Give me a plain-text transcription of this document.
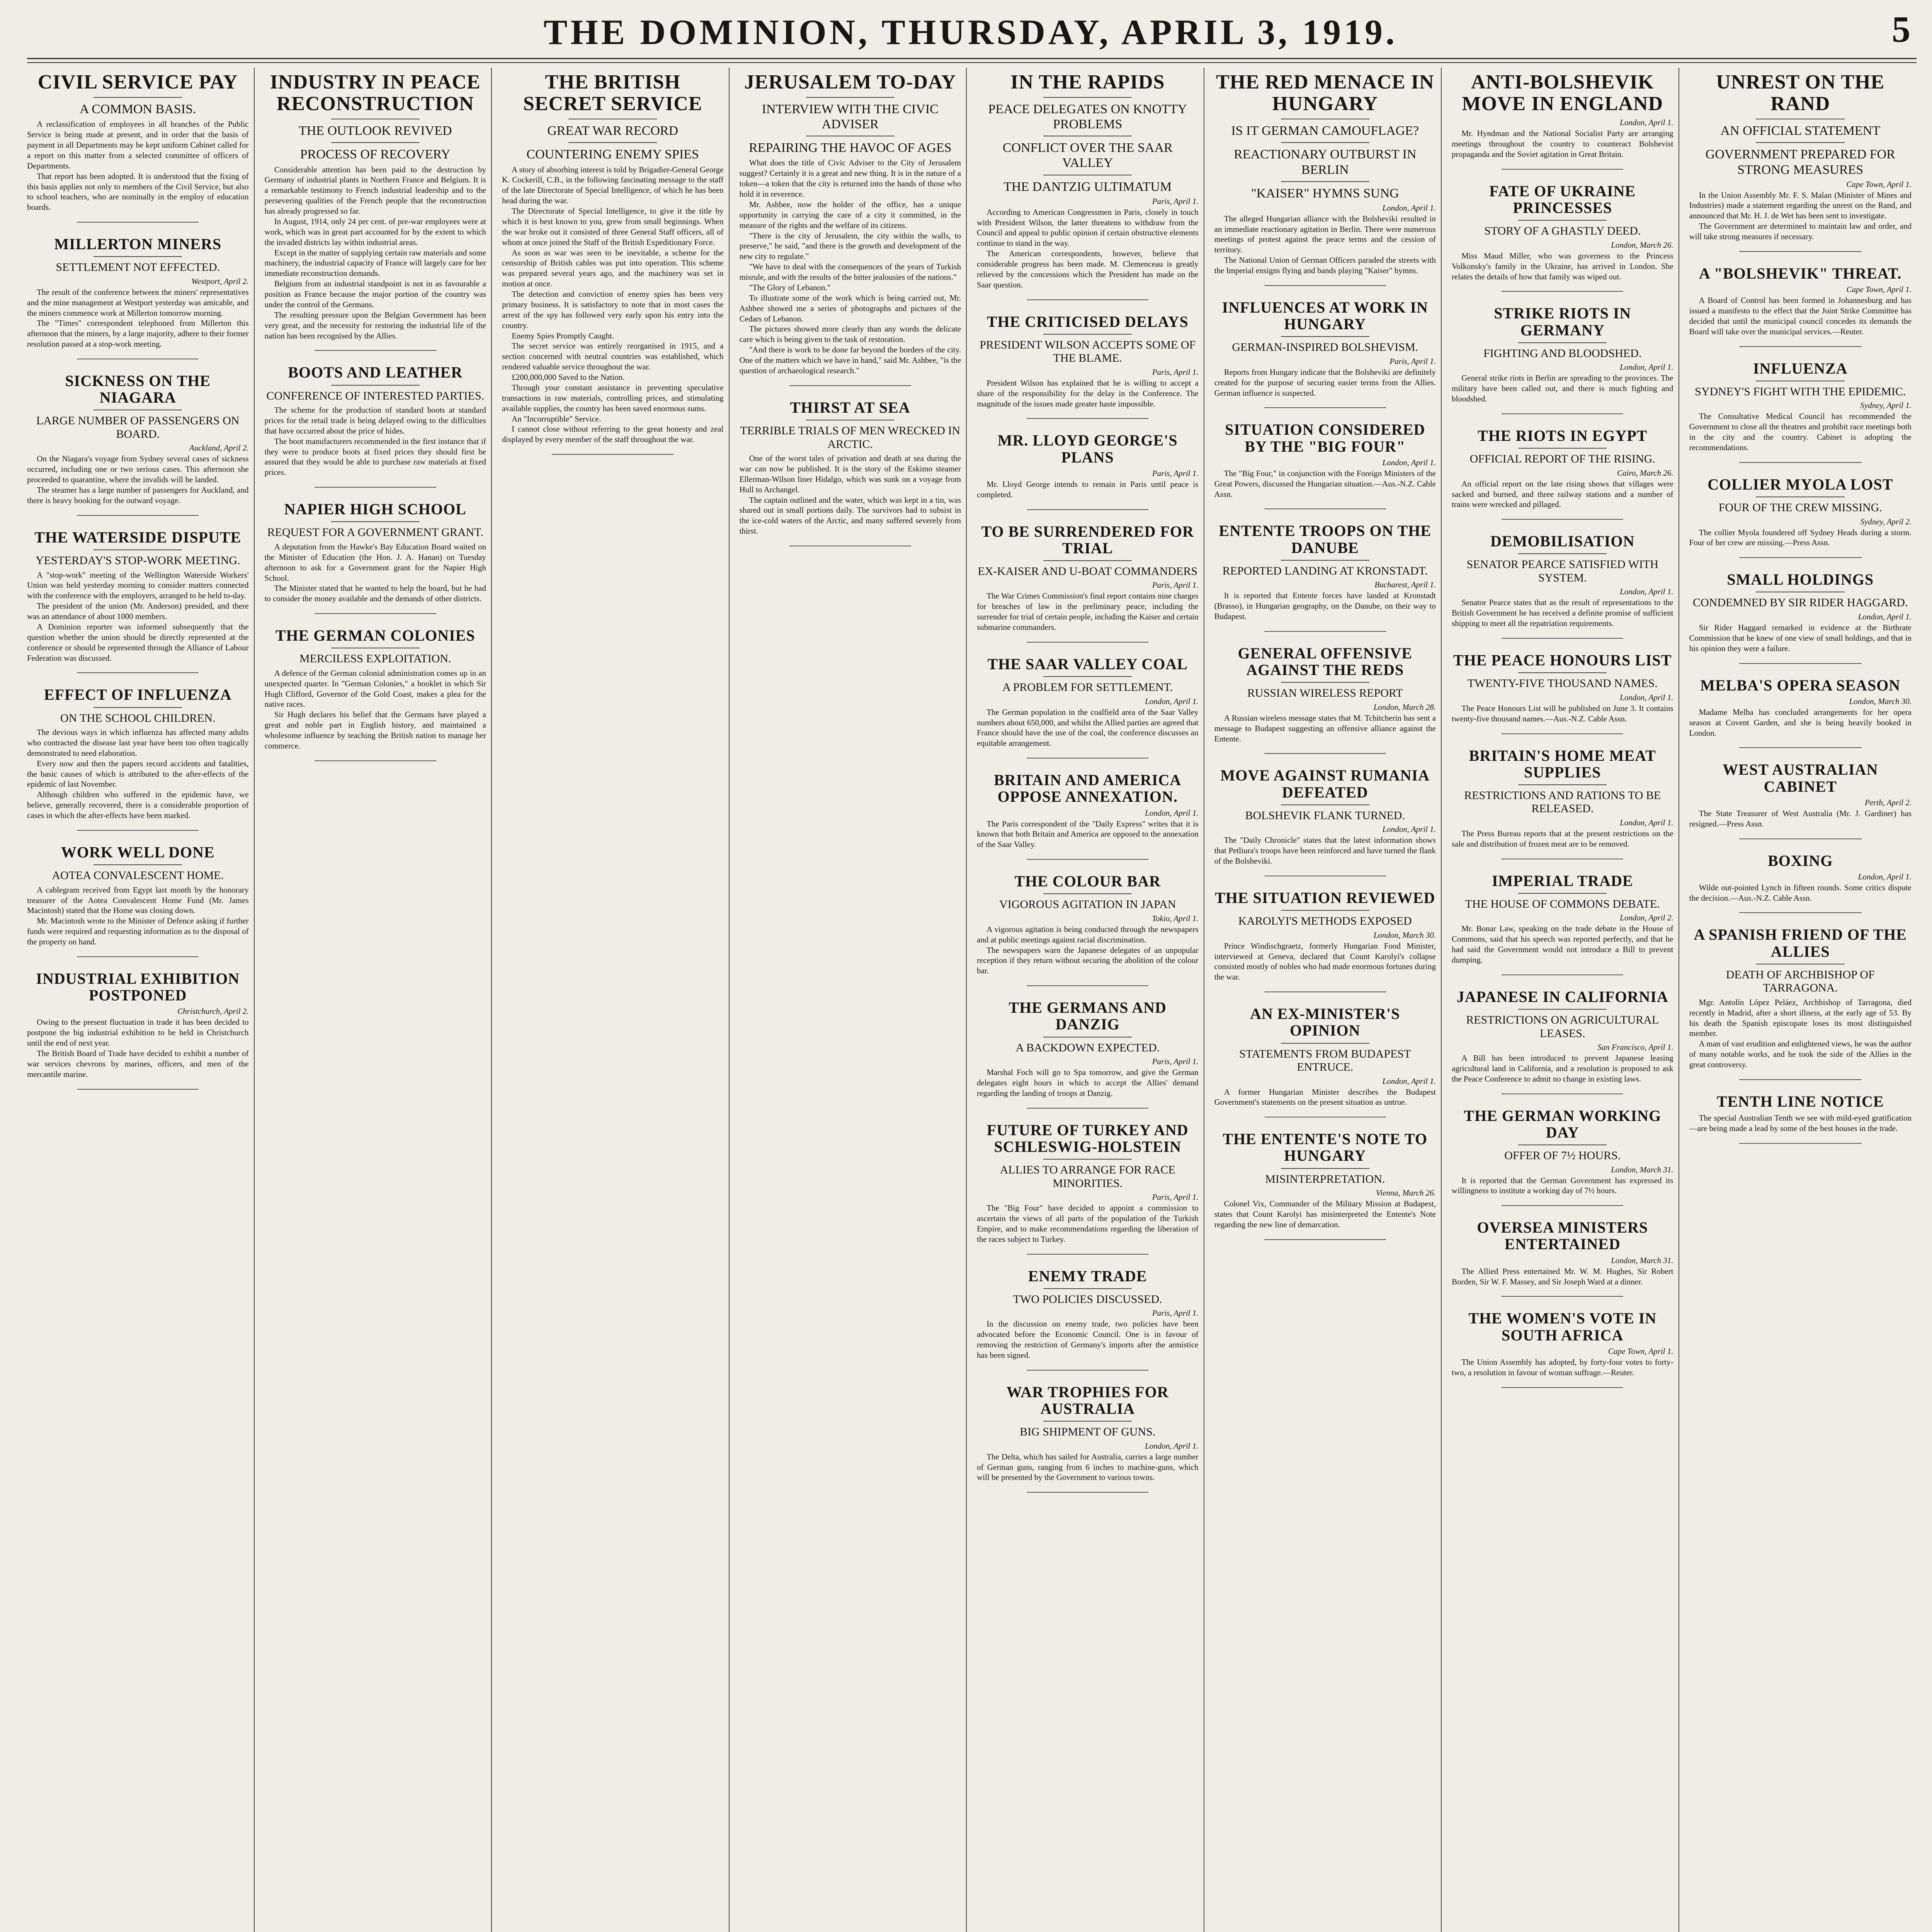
THE DOMINION, THURSDAY, APRIL 3, 1919.	5
CIVIL SERVICE PAY
A COMMON BASIS.

A reclassification of employees in all branches of the Public Service is being made at present, and in order that the basis of payment in all Departments may be kept uniform Cabinet called for a report on this matter from a selected committee of officers of Departments.

That report has been adopted. It is understood that the fixing of this basis applies not only to members of the Civil Service, but also to school teachers, who are nominally in the employ of education boards.

MILLERTON MINERS
SETTLEMENT NOT EFFECTED.

Westport, April 2.

The result of the conference between the miners' representatives and the mine management at Westport yesterday was amicable, and the miners commence work at Millerton tomorrow morning.

The "Times" correspondent telephoned from Millerton this afternoon that the miners, by a large majority, adhere to their former resolution passed at a stop-work meeting.

SICKNESS ON THE NIAGARA
LARGE NUMBER OF PASSENGERS ON BOARD.

Auckland, April 2.

On the Niagara's voyage from Sydney several cases of sickness occurred, including one or two serious cases. This afternoon she proceeded to quarantine, where the invalids will be landed.

The steamer has a large number of passengers for Auckland, and there is heavy booking for the outward voyage.

THE WATERSIDE DISPUTE
YESTERDAY'S STOP-WORK MEETING.

A "stop-work" meeting of the Wellington Waterside Workers' Union was held yesterday morning to consider matters connected with the conference with the employers, arranged to be held to-day.

The president of the union (Mr. Anderson) presided, and there was an attendance of about 1000 members.

A Dominion reporter was informed subsequently that the question whether the union should be directly represented at the conference or should be represented through the Alliance of Labour Federation was discussed.

EFFECT OF INFLUENZA
ON THE SCHOOL CHILDREN.

The devious ways in which influenza has affected many adults who contracted the disease last year have been too often tragically demonstrated to need elaboration.

Every now and then the papers record accidents and fatalities, the basic causes of which is attributed to the after-effects of the epidemic of last November.

Although children who suffered in the epidemic have, we believe, generally recovered, there is a considerable proportion of cases in which the after-effects have been marked.

WORK WELL DONE
AOTEA CONVALESCENT HOME.

A cablegram received from Egypt last month by the honorary treasurer of the Aotea Convalescent Home Fund (Mr. James Macintosh) stated that the Home was closing down.

Mr. Macintosh wrote to the Minister of Defence asking if further funds were required and requesting information as to the disposal of the property on hand.

INDUSTRIAL EXHIBITION POSTPONED

Christchurch, April 2.

Owing to the present fluctuation in trade it has been decided to postpone the big industrial exhibition to be held in Christchurch until the end of next year.

The British Board of Trade have decided to exhibit a number of war services chevrons by marines, officers, and men of the mercantile marine.

INDUSTRY IN PEACE RECONSTRUCTION
THE OUTLOOK REVIVED
PROCESS OF RECOVERY

Considerable attention has been paid to the destruction by Germany of industrial plants in Northern France and Belgium. It is a remarkable testimony to French industrial leadership and to the persevering qualities of the French people that the reconstruction has already progressed so far.

In August, 1914, only 24 per cent. of pre-war employees were at work, which was in great part accounted for by the extent to which the invaded districts lay within industrial areas.

Except in the matter of supplying certain raw materials and some machinery, the industrial capacity of France will largely care for her immediate reconstruction demands.

Belgium from an industrial standpoint is not in as favourable a position as France because the major portion of the country was under the control of the Germans.

The resulting pressure upon the Belgian Government has been very great, and the necessity for restoring the industrial life of the nation has been recognised by the Allies.

BOOTS AND LEATHER
CONFERENCE OF INTERESTED PARTIES.

The scheme for the production of standard boots at standard prices for the retail trade is being delayed owing to the difficulties that have occurred about the price of hides.

The boot manufacturers recommended in the first instance that if they were to produce boots at fixed prices they should first be assured that they would be able to purchase raw materials at fixed prices.

NAPIER HIGH SCHOOL
REQUEST FOR A GOVERNMENT GRANT.

A deputation from the Hawke's Bay Education Board waited on the Minister of Education (the Hon. J. A. Hanan) on Tuesday afternoon to ask for a Government grant for the Napier High School.

The Minister stated that he wanted to help the board, but he had to consider the money available and the demands of other districts.

THE GERMAN COLONIES
MERCILESS EXPLOITATION.

A defence of the German colonial administration comes up in an unexpected quarter. In "German Colonies," a booklet in which Sir Hugh Clifford, Governor of the Gold Coast, makes a plea for the native races.

Sir Hugh declares his belief that the Germans have played a great and noble part in English history, and maintained a wholesome influence by teaching the British nation to manage her commerce.

THE BRITISH SECRET SERVICE
GREAT WAR RECORD
COUNTERING ENEMY SPIES

A story of absorbing interest is told by Brigadier-General George K. Cockerill, C.B., in the following fascinating message to the staff of the late Directorate of Special Intelligence, of which he has been head during the war.

The Directorate of Special Intelligence, to give it the title by which it is best known to you, grew from small beginnings. When the war broke out it consisted of three General Staff officers, all of whom at once joined the Staff of the British Expeditionary Force.

As soon as war was seen to be inevitable, a scheme for the censorship of British cables was put into operation. This scheme was prepared several years ago, and the machinery was set in motion at once.

The detection and conviction of enemy spies has been very primary business. It is satisfactory to note that in most cases the arrest of the spy has followed very early upon his entry into the country.

Enemy Spies Promptly Caught.

The secret service was entirely reorganised in 1915, and a section concerned with neutral countries was established, which rendered valuable service throughout the war.

£200,000,000 Saved to the Nation.

Through your constant assistance in preventing speculative transactions in raw materials, controlling prices, and stimulating available supplies, the country has been saved enormous sums.

An "Incorruptible" Service.

I cannot close without referring to the great honesty and zeal displayed by every member of the staff throughout the war.

JERUSALEM TO-DAY
INTERVIEW WITH THE CIVIC ADVISER
REPAIRING THE HAVOC OF AGES

What does the title of Civic Adviser to the City of Jerusalem suggest? Certainly it is a great and new thing. It is in the nature of a token—a token that the city is returned into the hands of those who hold it in reverence.

Mr. Ashbee, now the holder of the office, has a unique opportunity in carrying the care of a city it committed, in the measure of the rights and the welfare of its citizens.

"There is the city of Jerusalem, the city within the walls, to preserve," he said, "and there is the growth and development of the new city to regulate."

"We have to deal with the consequences of the years of Turkish misrule, and with the results of the bitter jealousies of the nations."

"The Glory of Lebanon."

To illustrate some of the work which is being carried out, Mr. Ashbee showed me a series of photographs and pictures of the Cedars of Lebanon.

The pictures showed more clearly than any words the delicate care which is being given to the task of restoration.

"And there is work to be done far beyond the borders of the city. One of the matters which we have in hand," said Mr. Ashbee, "is the question of archaeological research."

THIRST AT SEA
TERRIBLE TRIALS OF MEN WRECKED IN ARCTIC.

One of the worst tales of privation and death at sea during the war can now be published. It is the story of the Eskimo steamer Ellerman-Wilson liner Hidalgo, which was sunk on a voyage from Hull to Archangel.

The captain outlined and the water, which was kept in a tin, was shared out in small portions daily. The survivors had to subsist in the ice-cold waters of the Arctic, and many suffered severely from thirst.

IN THE RAPIDS
PEACE DELEGATES ON KNOTTY PROBLEMS
CONFLICT OVER THE SAAR VALLEY
THE DANTZIG ULTIMATUM

Paris, April 1.

According to American Congressmen in Paris, closely in touch with President Wilson, the latter threatens to withdraw from the Council and appeal to public opinion if certain obstructive elements continue to stand in the way.

The American correspondents, however, believe that considerable progress has been made. M. Clemenceau is greatly relieved by the concessions which the President has made on the Saar question.

THE CRITICISED DELAYS
PRESIDENT WILSON ACCEPTS SOME OF THE BLAME.

Paris, April 1.

President Wilson has explained that he is willing to accept a share of the responsibility for the delay in the Conference. The magnitude of the issues made greater haste impossible.

MR. LLOYD GEORGE'S PLANS

Paris, April 1.

Mr. Lloyd George intends to remain in Paris until peace is completed.

TO BE SURRENDERED FOR TRIAL
EX-KAISER AND U-BOAT COMMANDERS

Paris, April 1.

The War Crimes Commission's final report contains nine charges for breaches of law in the preliminary peace, including the surrender for trial of certain people, including the Kaiser and certain submarine commanders.

THE SAAR VALLEY COAL
A PROBLEM FOR SETTLEMENT.

London, April 1.

The German population in the coalfield area of the Saar Valley numbers about 650,000, and whilst the Allied parties are agreed that France should have the use of the coal, the conference discusses an equitable arrangement.

BRITAIN AND AMERICA OPPOSE ANNEXATION.

London, April 1.

The Paris correspondent of the "Daily Express" writes that it is known that both Britain and America are opposed to the annexation of the Saar Valley.

THE COLOUR BAR
VIGOROUS AGITATION IN JAPAN

Tokio, April 1.

A vigorous agitation is being conducted through the newspapers and at public meetings against racial discrimination.

The newspapers warn the Japanese delegates of an unpopular reception if they return without securing the abolition of the colour bar.

THE GERMANS AND DANZIG
A BACKDOWN EXPECTED.

Paris, April 1.

Marshal Foch will go to Spa tomorrow, and give the German delegates eight hours in which to accept the Allies' demand regarding the landing of troops at Danzig.

FUTURE OF TURKEY AND SCHLESWIG-HOLSTEIN
ALLIES TO ARRANGE FOR RACE MINORITIES.

Paris, April 1.

The "Big Four" have decided to appoint a commission to ascertain the views of all parts of the population of the Turkish Empire, and to make recommendations regarding the liberation of the races subject to Turkey.

ENEMY TRADE
TWO POLICIES DISCUSSED.

Paris, April 1.

In the discussion on enemy trade, two policies have been advocated before the Economic Council. One is in favour of removing the restriction of Germany's imports after the armistice has been signed.

WAR TROPHIES FOR AUSTRALIA
BIG SHIPMENT OF GUNS.

London, April 1.

The Delta, which has sailed for Australia, carries a large number of German guns, ranging from 6 inches to machine-guns, which will be presented by the Government to various towns.

THE RED MENACE IN HUNGARY
IS IT GERMAN CAMOUFLAGE?
REACTIONARY OUTBURST IN BERLIN
"KAISER" HYMNS SUNG

London, April 1.

The alleged Hungarian alliance with the Bolsheviki resulted in an immediate reactionary agitation in Berlin. There were numerous meetings of protest against the peace terms and the cession of territory.

The National Union of German Officers paraded the streets with the Imperial ensigns flying and bands playing "Kaiser" hymns.

INFLUENCES AT WORK IN HUNGARY
GERMAN-INSPIRED BOLSHEVISM.

Paris, April 1.

Reports from Hungary indicate that the Bolsheviki are definitely created for the purpose of securing easier terms from the Allies. German influence is suspected.

SITUATION CONSIDERED BY THE "BIG FOUR"

London, April 1.

The "Big Four," in conjunction with the Foreign Ministers of the Great Powers, discussed the Hungarian situation.—Aus.-N.Z. Cable Assn.

ENTENTE TROOPS ON THE DANUBE
REPORTED LANDING AT KRONSTADT.

Bucharest, April 1.

It is reported that Entente forces have landed at Kronstadt (Brasso), in Hungarian geography, on the Danube, on their way to Budapest.

GENERAL OFFENSIVE AGAINST THE REDS
RUSSIAN WIRELESS REPORT

London, March 28.

A Russian wireless message states that M. Tchitcherin has sent a message to Budapest suggesting an offensive alliance against the Entente.

MOVE AGAINST RUMANIA DEFEATED
BOLSHEVIK FLANK TURNED.

London, April 1.

The "Daily Chronicle" states that the latest information shows that Petliura's troops have been reinforced and have turned the flank of the Bolsheviki.

THE SITUATION REVIEWED
KAROLYI'S METHODS EXPOSED

London, March 30.

Prince Windischgraetz, formerly Hungarian Food Minister, interviewed at Geneva, declared that Count Karolyi's collapse consisted mostly of nobles who had made enormous fortunes during the war.

AN EX-MINISTER'S OPINION
STATEMENTS FROM BUDAPEST ENTRUCE.

London, April 1.

A former Hungarian Minister describes the Budapest Government's statements on the present situation as untrue.

THE ENTENTE'S NOTE TO HUNGARY
MISINTERPRETATION.

Vienna, March 26.

Colonel Vix, Commander of the Military Mission at Budapest, states that Count Karolyi has misinterpreted the Entente's Note regarding the new line of demarcation.

ANTI-BOLSHEVIK MOVE IN ENGLAND

London, April 1.

Mr. Hyndman and the National Socialist Party are arranging meetings throughout the country to counteract Bolshevist propaganda and the Soviet agitation in Great Britain.

FATE OF UKRAINE PRINCESSES
STORY OF A GHASTLY DEED.

London, March 26.

Miss Maud Miller, who was governess to the Princess Volkonsky's family in the Ukraine, has arrived in London. She relates the details of how that family was wiped out.

STRIKE RIOTS IN GERMANY
FIGHTING AND BLOODSHED.

London, April 1.

General strike riots in Berlin are spreading to the provinces. The military have been called out, and there is much fighting and bloodshed.

THE RIOTS IN EGYPT
OFFICIAL REPORT OF THE RISING.

Cairo, March 26.

An official report on the late rising shows that villages were sacked and burned, and three railway stations and a number of trains were wrecked and pillaged.

DEMOBILISATION
SENATOR PEARCE SATISFIED WITH SYSTEM.

London, April 1.

Senator Pearce states that as the result of representations to the British Government he has received a definite promise of sufficient shipping to meet all the repatriation requirements.

THE PEACE HONOURS LIST
TWENTY-FIVE THOUSAND NAMES.

London, April 1.

The Peace Honours List will be published on June 3. It contains twenty-five thousand names.—Aus.-N.Z. Cable Assn.

BRITAIN'S HOME MEAT SUPPLIES
RESTRICTIONS AND RATIONS TO BE RELEASED.

London, April 1.

The Press Bureau reports that at the present restrictions on the sale and distribution of frozen meat are to be removed.

IMPERIAL TRADE
THE HOUSE OF COMMONS DEBATE.

London, April 2.

Mr. Bonar Law, speaking on the trade debate in the House of Commons, said that his speech was reported perfectly, and that he had said the Government would not introduce a Bill to prevent dumping.

JAPANESE IN CALIFORNIA
RESTRICTIONS ON AGRICULTURAL LEASES.

San Francisco, April 1.

A Bill has been introduced to prevent Japanese leasing agricultural land in California, and a resolution is proposed to ask the Peace Conference to admit no change in existing laws.

THE GERMAN WORKING DAY
OFFER OF 7½ HOURS.

London, March 31.

It is reported that the German Government has expressed its willingness to institute a working day of 7½ hours.

OVERSEA MINISTERS ENTERTAINED

London, March 31.

The Allied Press entertained Mr. W. M. Hughes, Sir Robert Borden, Sir W. F. Massey, and Sir Joseph Ward at a dinner.

THE WOMEN'S VOTE IN SOUTH AFRICA

Cape Town, April 1.

The Union Assembly has adopted, by forty-four votes to forty-two, a resolution in favour of woman suffrage.—Reuter.

UNREST ON THE RAND
AN OFFICIAL STATEMENT
GOVERNMENT PREPARED FOR STRONG MEASURES

Cape Town, April 1.

In the Union Assembly Mr. F. S. Malan (Minister of Mines and Industries) made a statement regarding the unrest on the Rand, and announced that Mr. H. J. de Wet has been sent to investigate.

The Government are determined to maintain law and order, and will take strong measures if necessary.

A "BOLSHEVIK" THREAT.

Cape Town, April 1.

A Board of Control has been formed in Johannesburg and has issued a manifesto to the effect that the Joint Strike Committee has decided that until the municipal council concedes its demands the Board will take over the municipal services.—Reuter.

INFLUENZA
SYDNEY'S FIGHT WITH THE EPIDEMIC.

Sydney, April 1.

The Consultative Medical Council has recommended the Government to close all the theatres and prohibit race meetings both in the city and the country. Cabinet is adopting the recommendations.

COLLIER MYOLA LOST
FOUR OF THE CREW MISSING.

Sydney, April 2.

The collier Myola foundered off Sydney Heads during a storm. Four of her crew are missing.—Press Assn.

SMALL HOLDINGS
CONDEMNED BY SIR RIDER HAGGARD.

London, April 1.

Sir Rider Haggard remarked in evidence at the Birthrate Commission that he knew of one view of small holdings, and that in his opinion they were a failure.

MELBA'S OPERA SEASON

London, March 30.

Madame Melba has concluded arrangements for her opera season at Covent Garden, and she is being heavily booked in London.

WEST AUSTRALIAN CABINET

Perth, April 2.

The State Treasurer of West Australia (Mr. J. Gardiner) has resigned.—Press Assn.

BOXING

London, April 1.

Wilde out-pointed Lynch in fifteen rounds. Some critics dispute the decision.—Aus.-N.Z. Cable Assn.

A SPANISH FRIEND OF THE ALLIES
DEATH OF ARCHBISHOP OF TARRAGONA.

Mgr. Antolín López Peláez, Archbishop of Tarragona, died recently in Madrid, after a short illness, at the early age of 53. By his death the Spanish episcopate loses its most distinguished member.

A man of vast erudition and enlightened views, he was the author of many notable works, and he took the side of the Allies in the great controversy.

TENTH LINE NOTICE

The special Australian Tenth we see with mild-eyed gratification—are being made a lead by some of the best houses in the trade.
